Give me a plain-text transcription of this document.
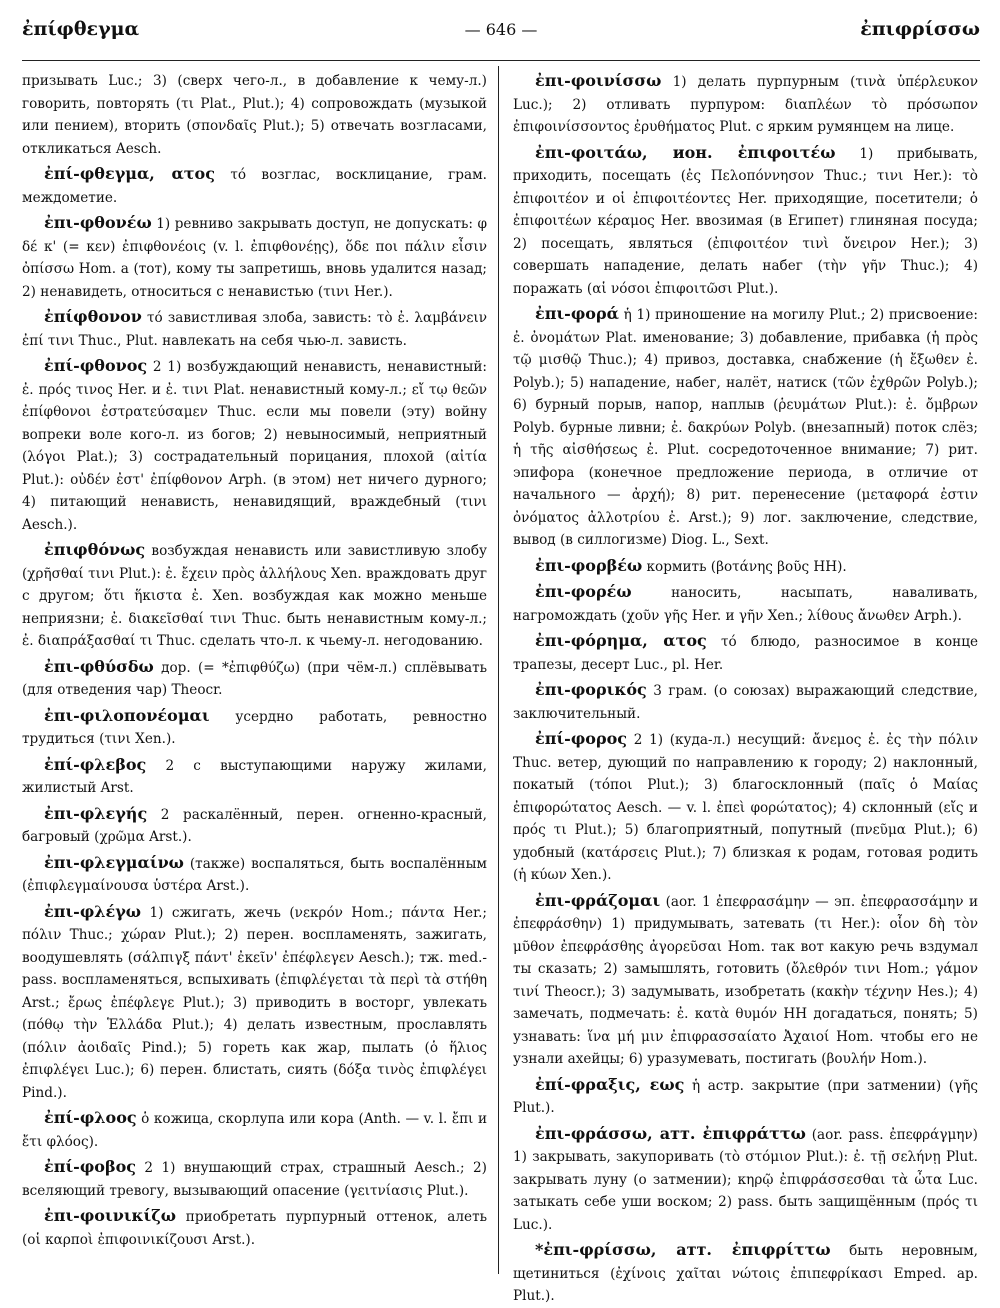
ἐπίφθεγμα	— 646 —	ἐπιφρίσσω

призывать Luc.; 3) (сверх чего-л., в добавление к чему-л.) говорить, повторять (τι Plat., Plut.); 4) сопровождать (музыкой или пением), вторить (σπονδαῖς Plut.); 5) отвечать возгласами, откликаться Aesch.

ἐπί-φθεγμα, ατος τό возглас, восклицание, грам. междометие.

ἐπι-φθονέω 1) ревниво закрывать доступ, не допускать: φ δέ κ' (= κεν) ἐπιφθονέοις (v. l. ἐπιφθονέῃς), ὅδε ποι πάλιν εἶσιν ὀπίσσω Hom. а (тот), кому ты запретишь, вновь удалится назад; 2) ненавидеть, относиться с ненавистью (τινι Her.).

ἐπίφθονον τό завистливая злоба, зависть: τὸ ἐ. λαμβάνειν ἐπί τινι Thuc., Plut. навлекать на себя чью-л. зависть.

ἐπί-φθονος 2 1) возбуждающий ненависть, ненавистный: ἐ. πρός τινος Her. и ἐ. τινι Plat. ненавистный кому-л.; εἴ τῳ θεῶν ἐπίφθονοι ἐστρατεύσαμεν Thuc. если мы повели (эту) войну вопреки воле кого-л. из богов; 2) невыносимый, неприятный (λόγοι Plat.); 3) сострадательный порицания, плохой (αἰτία Plut.): οὐδέν ἐστ' ἐπίφθονον Arph. (в этом) нет ничего дурного; 4) питающий ненависть, ненавидящий, враждебный (τινι Aesch.).

ἐπιφθόνως возбуждая ненависть или завистливую злобу (χρῆσθαί τινι Plut.): ἐ. ἔχειν πρὸς ἀλλήλους Xen. враждовать друг с другом; ὅτι ἥκιστα ἐ. Xen. возбуждая как можно меньше неприязни; ἐ. διακεῖσθαί τινι Thuc. быть ненавистным кому-л.; ἐ. διαπράξασθαί τι Thuc. сделать что-л. к чьему-л. негодованию.

ἐπι-φθύσδω дор. (= *ἐπιφθύζω) (при чём-л.) сплёвывать (для отведения чар) Theocr.

ἐπι-φιλοπονέομαι усердно работать, ревностно трудиться (τινι Xen.).

ἐπί-φλεβος 2 с выступающими наружу жилами, жилистый Arst.

ἐπι-φλεγής 2 раскалённый, перен. огненно-красный, багровый (χρῶμα Arst.).

ἐπι-φλεγμαίνω (также) воспаляться, быть воспалённым (ἐπιφλεγμαίνουσα ὑστέρα Arst.).

ἐπι-φλέγω 1) сжигать, жечь (νεκρόν Hom.; πάντα Her.; πόλιν Thuc.; χώραν Plut.); 2) перен. воспламенять, зажигать, воодушевлять (σάλπιγξ πάντ' ἐκεῖν' ἐπέφλεγεν Aesch.); тж. med.-pass. воспламеняться, вспыхивать (ἐπιφλέγεται τὰ περὶ τὰ στήθη Arst.; ἔρως ἐπέφλεγε Plut.); 3) приводить в восторг, увлекать (πόθῳ τὴν Ἑλλάδα Plut.); 4) делать известным, прославлять (πόλιν ἀοιδαῖς Pind.); 5) гореть как жар, пылать (ὁ ἥλιος ἐπιφλέγει Luc.); 6) перен. блистать, сиять (δόξα τινὸς ἐπιφλέγει Pind.).

ἐπί-φλοος ὁ кожица, скорлупа или кора (Anth. — v. l. ἔπι и ἔτι φλόος).

ἐπί-φοβος 2 1) внушающий страх, страшный Aesch.; 2) вселяющий тревогу, вызывающий опасение (γειτνίασις Plut.).

ἐπι-φοινικίζω приобретать пурпурный оттенок, алеть (οἱ καρποὶ ἐπιφοινικίζουσι Arst.).

ἐπι-φοινίσσω 1) делать пурпурным (τινὰ ὑπέρλευκον Luc.); 2) отливать пурпуром: διαπλέων τὸ πρόσωπον ἐπιφοινίσσοντος ἐρυθήματος Plut. с ярким румянцем на лице.

ἐπι-φοιτάω, ион. ἐπιφοιτέω 1) прибывать, приходить, посещать (ἐς Πελοπόννησον Thuc.; τινι Her.): τὸ ἐπιφοιτέον и οἱ ἐπιφοιτέοντες Her. приходящие, посетители; ὁ ἐπιφοιτέων κέραμος Her. ввозимая (в Египет) глиняная посуда; 2) посещать, являться (ἐπιφοιτέον τινὶ ὄνειρον Her.); 3) совершать нападение, делать набег (τὴν γῆν Thuc.); 4) поражать (αἱ νόσοι ἐπιφοιτῶσι Plut.).

ἐπι-φορά ἡ 1) приношение на могилу Plut.; 2) присвоение: ἐ. ὀνομάτων Plat. именование; 3) добавление, прибавка (ἡ πρὸς τῷ μισθῷ Thuc.); 4) привоз, доставка, снабжение (ἡ ἔξωθεν ἐ. Polyb.); 5) нападение, набег, налёт, натиск (τῶν ἐχθρῶν Polyb.); 6) бурный порыв, напор, наплыв (ῥευμάτων Plut.): ἐ. ὄμβρων Polyb. бурные ливни; ἐ. δακρύων Polyb. (внезапный) поток слёз; ἡ τῆς αἰσθήσεως ἐ. Plut. сосредоточенное внимание; 7) рит. эпифора (конечное предложение периода, в отличие от начального — ἀρχή); 8) рит. перенесение (μεταφορά ἐστιν ὀνόματος ἀλλοτρίου ἐ. Arst.); 9) лог. заключение, следствие, вывод (в силлогизме) Diog. L., Sext.

ἐπι-φορβέω кормить (βοτάνης βοῦς HH).

ἐπι-φορέω	наносить, насыпать, наваливать, нагромождать (χοῦν γῆς Her. и γῆν Xen.; λίθους ἄνωθεν Arph.).

ἐπι-φόρημα, ατος τό блюдо, разносимое в конце трапезы, десерт Luc., pl. Her.

ἐπι-φορικός 3 грам. (о союзах) выражающий следствие, заключительный.

ἐπί-φορος 2 1) (куда-л.) несущий: ἄνεμος ἐ. ἐς τὴν πόλιν Thuc. ветер, дующий по направлению к городу; 2) наклонный, покатый (τόποι Plut.); 3) благосклонный (παῖς ὁ Μαίας ἐπιφορώτατος Aesch. — v. l. ἐπεὶ φορώτατος); 4) склонный (εἴς и πρός τι Plut.); 5) благоприятный, попутный (πνεῦμα Plut.); 6) удобный (κατάρσεις Plut.); 7) близкая к родам, готовая родить (ἡ κύων Xen.).

ἐπι-φράζομαι (aor. 1 ἐπεφρασάμην — эп. ἐπεφρασσάμην и ἐπεφράσθην) 1) придумывать, затевать (τι Her.): οἷον δὴ τὸν μῦθον ἐπεφράσθης ἀγορεῦσαι Hom. так вот какую речь вздумал ты сказать; 2) замышлять, готовить (ὄλεθρόν τινι Hom.; γάμον τινί Theocr.); 3) задумывать, изобретать (κακὴν τέχνην Hes.); 4) замечать, подмечать: ἐ. κατὰ θυμόν HH догадаться, понять; 5) узнавать: ἵνα μή μιν ἐπιφρασσαίατο Ἀχαιοί Hom. чтобы его не узнали ахейцы; 6) уразумевать, постигать (βουλήν Hom.).

ἐπί-φραξις, εως ἡ астр. закрытие (при затмении) (γῆς Plut.).

ἐπι-φράσσω, атт. ἐπιφράττω (aor. pass. ἐπεφράγμην) 1) закрывать, закупоривать (τὸ στόμιον Plut.): ἐ. τῇ σελήνῃ Plut. закрывать луну (о затмении); κηρῷ ἐπιφράσσεσθαι τὰ ὦτα Luc. затыкать себе уши воском; 2) pass. быть защищённым (πρός τι Luc.).

*ἐπι-φρίσσω, атт. ἐπιφρίττω быть неровным, щетиниться (ἐχίνοις χαῖται νώτοις ἐπιπεφρίκασι Emped. ap. Plut.).
